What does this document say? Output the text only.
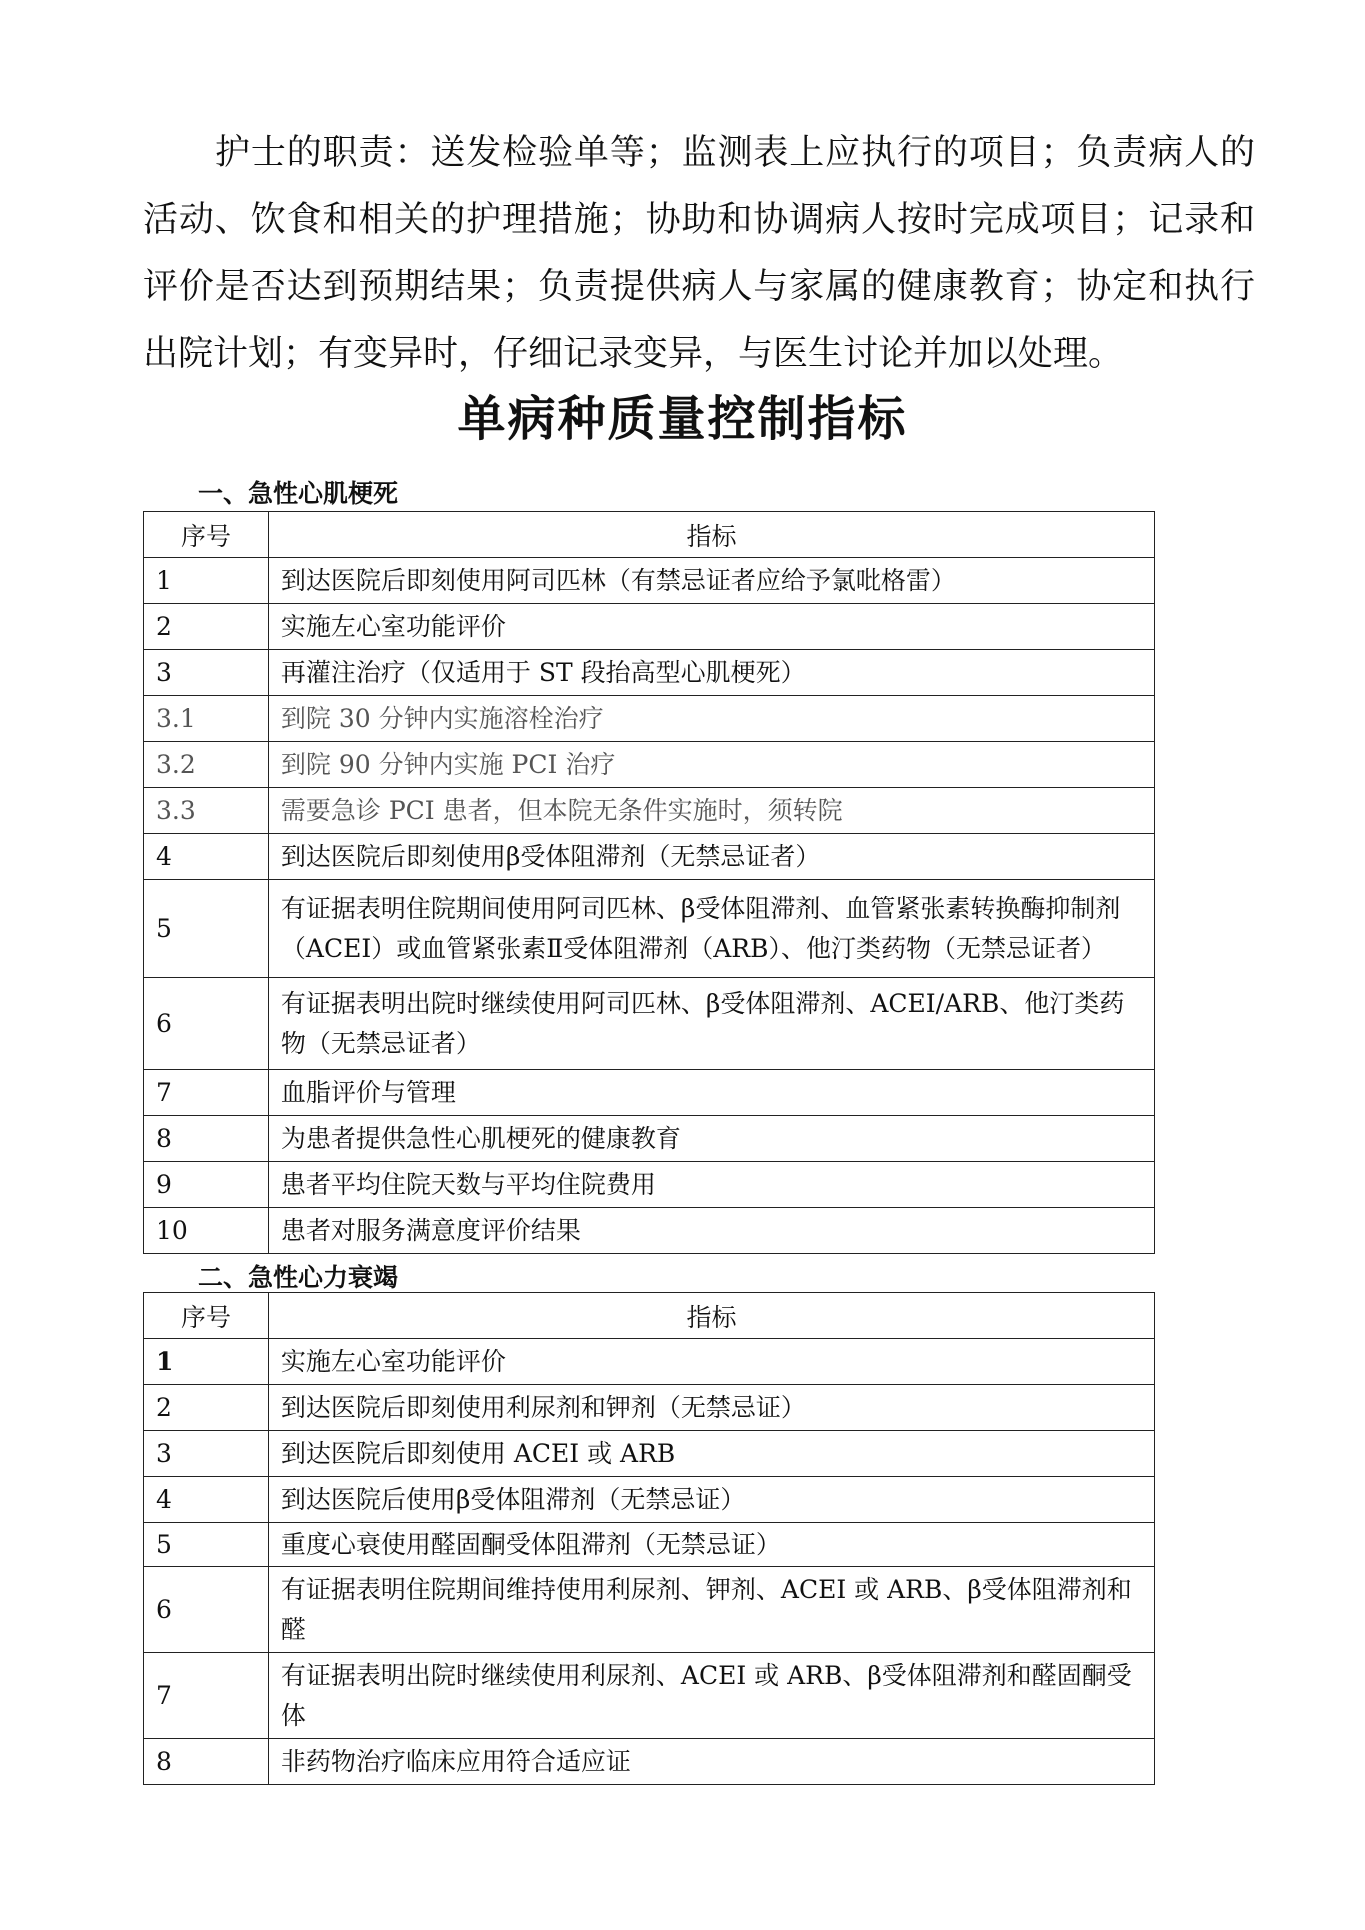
护士的职责：送发检验单等；监测表上应执行的项目；负责病人的活动、饮食和相关的护理措施；协助和协调病人按时完成项目；记录和评价是否达到预期结果；负责提供病人与家属的健康教育；协定和执行出院计划；有变异时，仔细记录变异，与医生讨论并加以处理。

单病种质量控制指标
一、急性心肌梗死
序号	指标
1	到达医院后即刻使用阿司匹林（有禁忌证者应给予氯吡格雷）
2	实施左心室功能评价
3	再灌注治疗（仅适用于 ST 段抬高型心肌梗死）
3.1	到院 30 分钟内实施溶栓治疗
3.2	到院 90 分钟内实施 PCI 治疗
3.3	需要急诊 PCI 患者，但本院无条件实施时，须转院
4	到达医院后即刻使用β受体阻滞剂（无禁忌证者）
5	有证据表明住院期间使用阿司匹林、β受体阻滞剂、血管紧张素转换酶抑制剂（ACEI）或血管紧张素Ⅱ受体阻滞剂（ARB）、他汀类药物（无禁忌证者）
6	有证据表明出院时继续使用阿司匹林、β受体阻滞剂、ACEI/ARB、他汀类药物（无禁忌证者）
7	血脂评价与管理
8	为患者提供急性心肌梗死的健康教育
9	患者平均住院天数与平均住院费用
10	患者对服务满意度评价结果
二、急性心力衰竭
序号	指标
1	实施左心室功能评价
2	到达医院后即刻使用利尿剂和钾剂（无禁忌证）
3	到达医院后即刻使用 ACEI 或 ARB
4	到达医院后使用β受体阻滞剂（无禁忌证）
5	重度心衰使用醛固酮受体阻滞剂（无禁忌证）
6	有证据表明住院期间维持使用利尿剂、钾剂、ACEI 或 ARB、β受体阻滞剂和醛
7	有证据表明出院时继续使用利尿剂、ACEI 或 ARB、β受体阻滞剂和醛固酮受体
8	非药物治疗临床应用符合适应证
